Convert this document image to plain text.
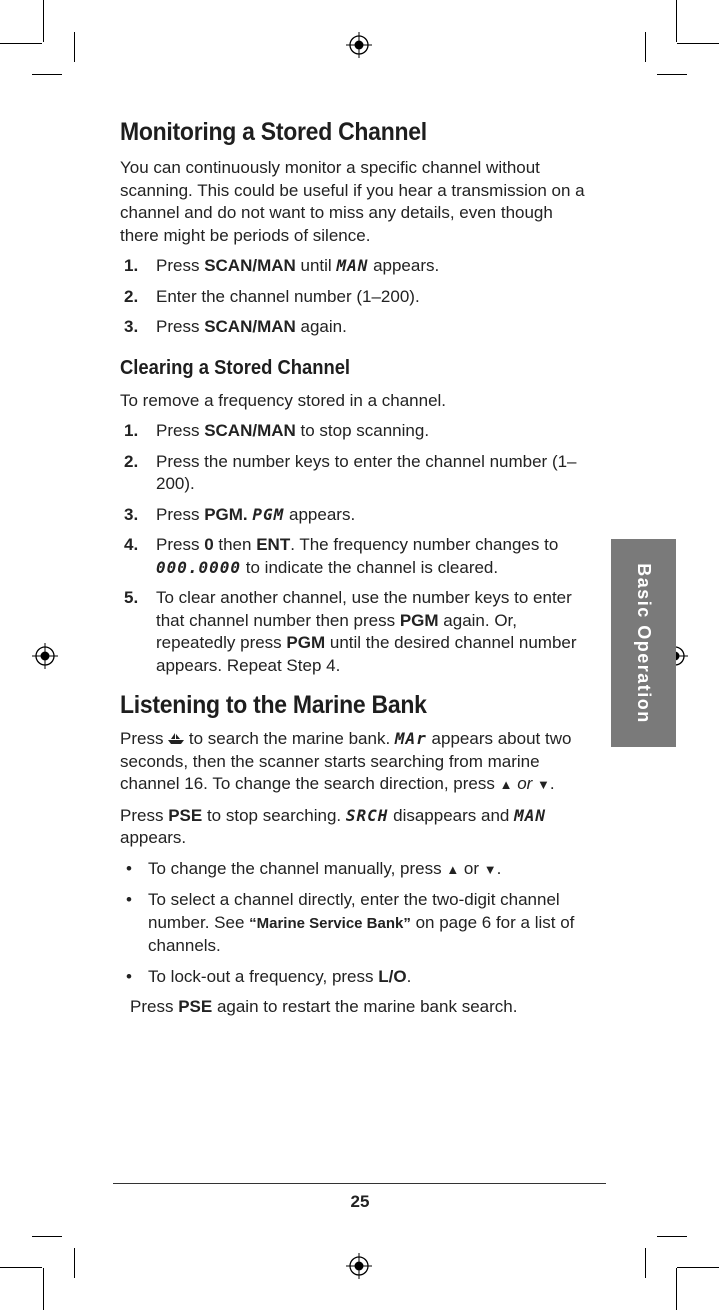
Basic Operation
Monitoring a Stored Channel

You can continuously monitor a specific channel without scanning. This could be useful if you hear a transmission on a channel and do not want to miss any details, even though there might be periods of silence.

1.	Press SCAN/MAN until MAN appears.
2.	Enter the channel number (1–200).
3.	Press SCAN/MAN again.
Clearing a Stored Channel

To remove a frequency stored in a channel.

1.	Press SCAN/MAN to stop scanning.
2.	Press the number keys to enter the channel number (1–200).
3.	Press PGM. PGM appears.
4.	Press 0 then ENT. The frequency number changes to 000.0000 to indicate the channel is cleared.
5.	To clear another channel, use the number keys to enter that channel number then press PGM again. Or, repeatedly press PGM until the desired channel number appears. Repeat Step 4.
Listening to the Marine Bank

Press  to search the marine bank. MAr appears about two seconds, then the scanner starts searching from marine channel 16. To change the search direction, press ▲ or ▼.

Press PSE to stop searching. SRCH disappears and MAN appears.

• To change the channel manually, press ▲ or ▼.
• To select a channel directly, enter the two-digit channel number. See “Marine Service Bank” on page 6 for a list of channels.
• To lock-out a frequency, press L/O.

Press PSE again to restart the marine bank search.

25
